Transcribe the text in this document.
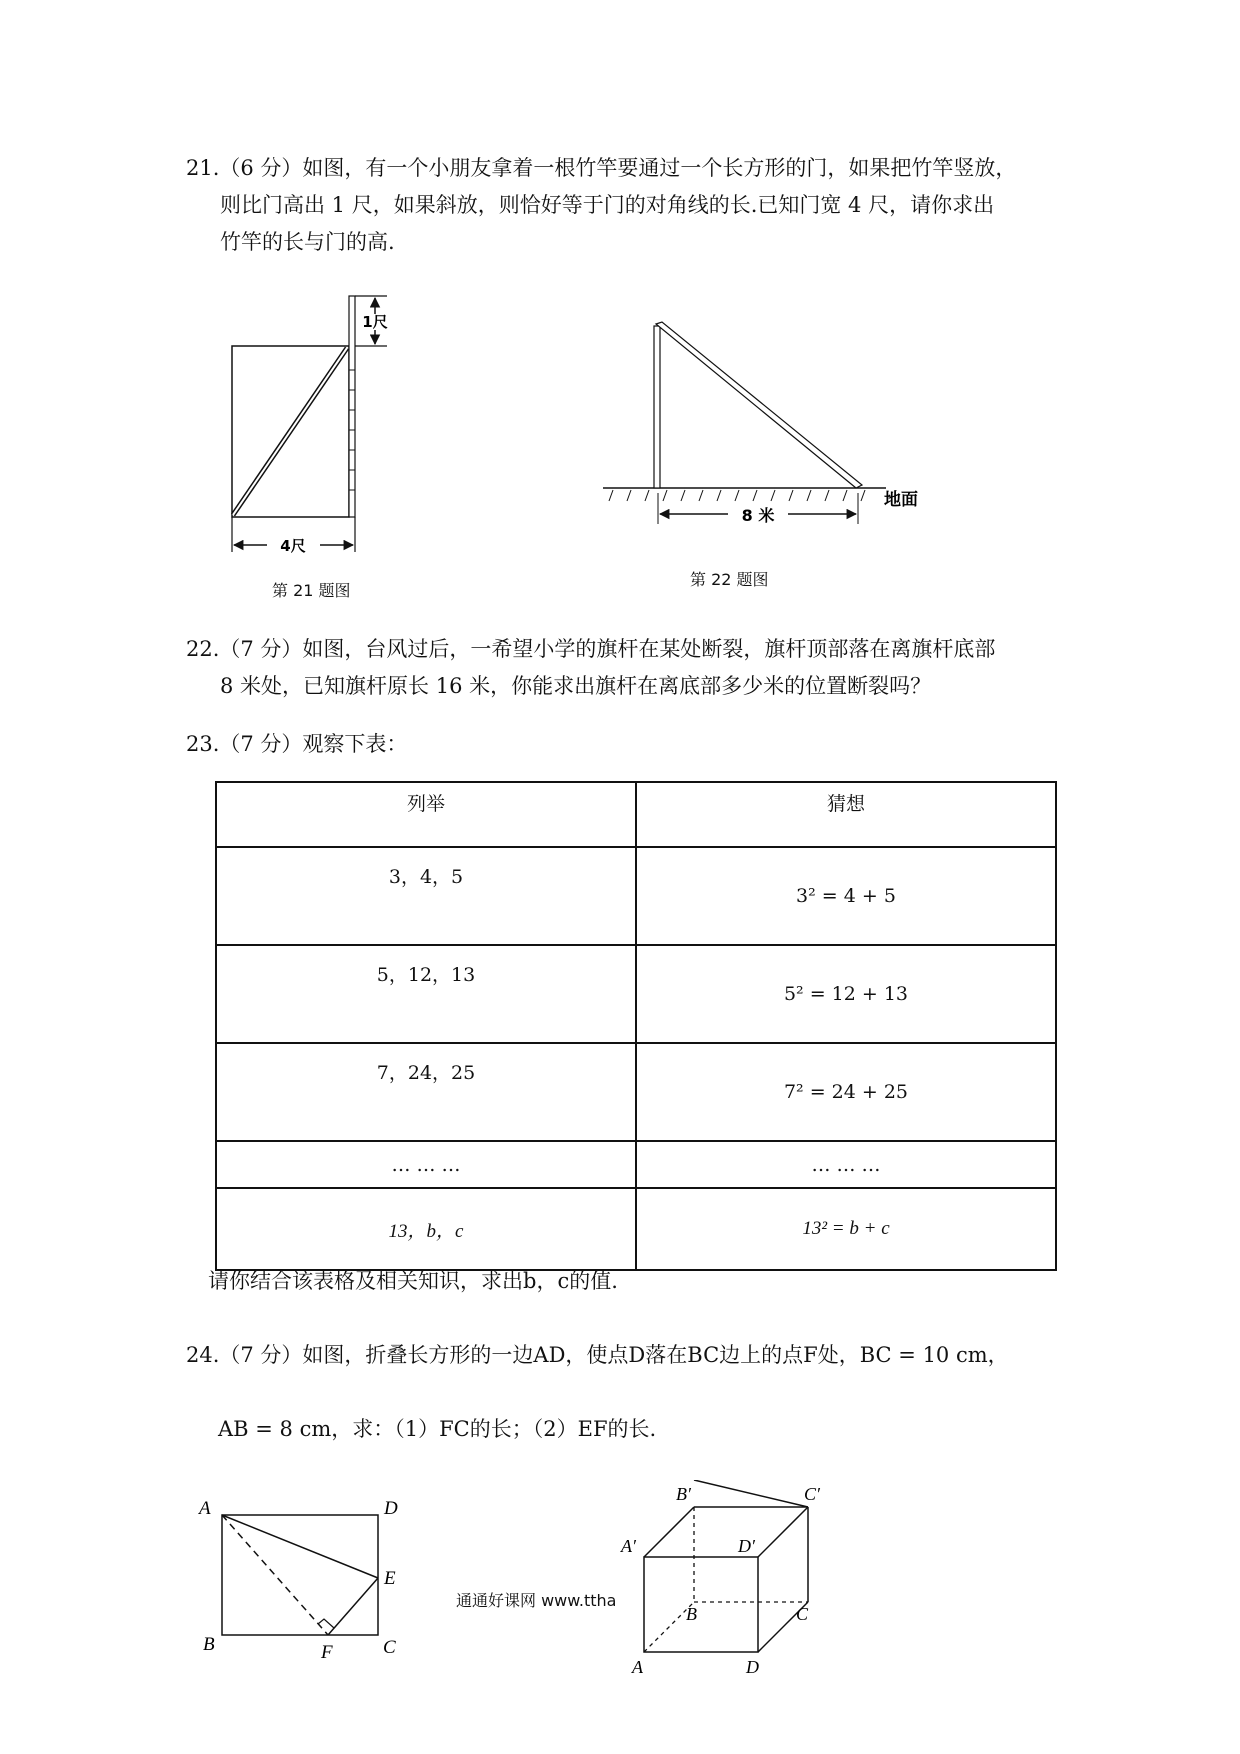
21.（6 分）如图，有一个小朋友拿着一根竹竿要通过一个长方形的门，如果把竹竿竖放，
则比门高出 1 尺，如果斜放，则恰好等于门的对角线的长.已知门宽 4 尺，请你求出
竹竿的长与门的高.
1尺
4尺
第 21 题图
8 米
地面
第 22 题图
22.（7 分）如图，台风过后，一希望小学的旗杆在某处断裂，旗杆顶部落在离旗杆底部
8 米处，已知旗杆原长 16 米，你能求出旗杆在离底部多少米的位置断裂吗？
23.（7 分）观察下表：
列举	猜想
3，4，5	3² = 4 + 5
5，12，13	5² = 12 + 13
7，24，25	7² = 24 + 25
… … …	… … …
13，b，c	13² = b + c
请你结合该表格及相关知识，求出b，c的值.
24.（7 分）如图，折叠长方形的一边AD，使点D落在BC边上的点F处，BC = 10 cm，
AB = 8 cm，求：（1）FC的长；（2）EF的长.
A	D
E
B	F	C
通通好课网 www.ttha
B′	C′
A′	D′
B	C
A	D
